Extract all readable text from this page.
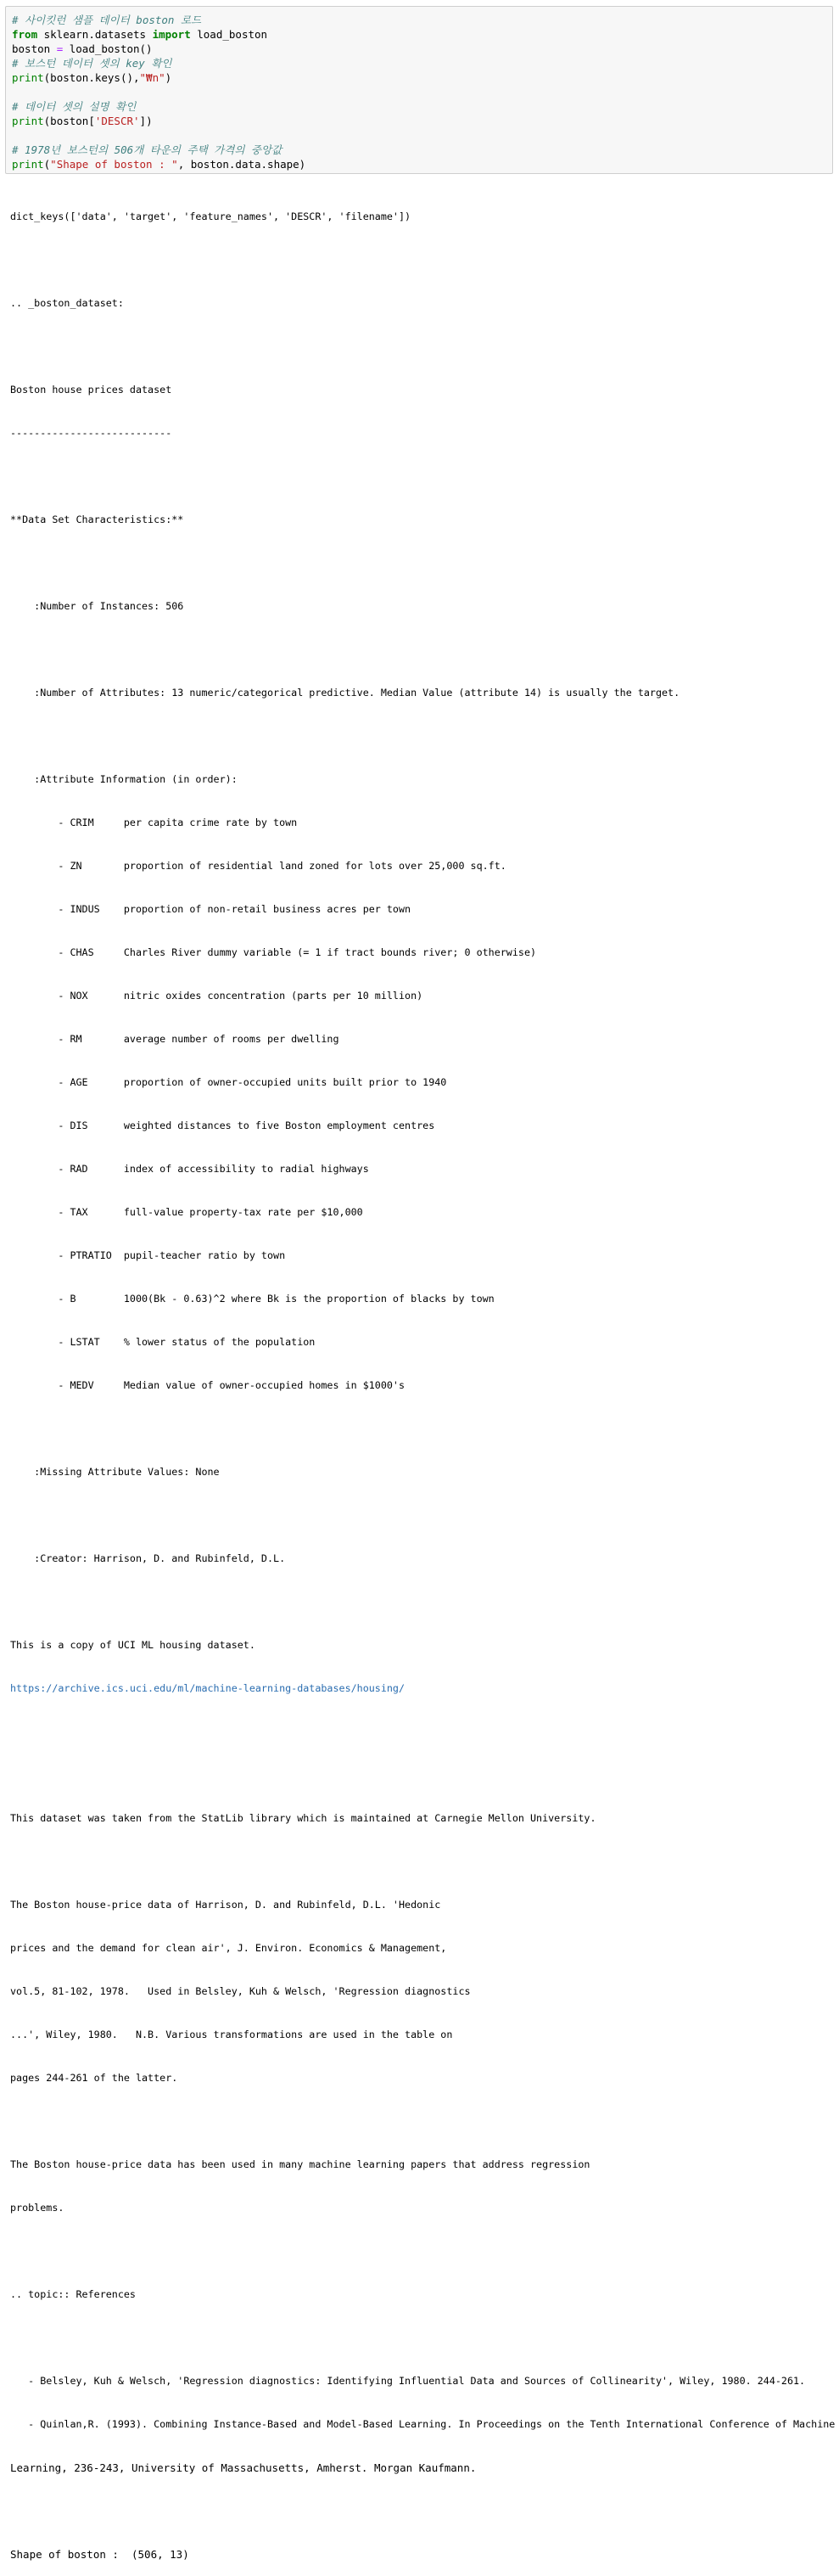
# 사이킷런 샘플 데이터 boston 로드
from sklearn.datasets import load_boston
boston = load_boston()
# 보스턴 데이터 셋의 key 확인
print(boston.keys(),"₩n")
# 데이터 셋의 설명 확인
print(boston['DESCR'])
# 1978년 보스턴의 506개 타운의 주택 가격의 중앙값
print("Shape of boston : ", boston.data.shape)

dict_keys(['data', 'target', 'feature_names', 'DESCR', 'filename'])

.. _boston_dataset:

Boston house prices dataset

---------------------------

**Data Set Characteristics:**

:Number of Instances: 506

:Number of Attributes: 13 numeric/categorical predictive. Median Value (attribute 14) is usually the target.

:Attribute Information (in order):

- CRIM     per capita crime rate by town

- ZN       proportion of residential land zoned for lots over 25,000 sq.ft.

- INDUS    proportion of non-retail business acres per town

- CHAS     Charles River dummy variable (= 1 if tract bounds river; 0 otherwise)

- NOX      nitric oxides concentration (parts per 10 million)

- RM       average number of rooms per dwelling

- AGE      proportion of owner-occupied units built prior to 1940

- DIS      weighted distances to five Boston employment centres

- RAD      index of accessibility to radial highways

- TAX      full-value property-tax rate per $10,000

- PTRATIO  pupil-teacher ratio by town

- B        1000(Bk - 0.63)^2 where Bk is the proportion of blacks by town

- LSTAT    % lower status of the population

- MEDV     Median value of owner-occupied homes in $1000's

:Missing Attribute Values: None

:Creator: Harrison, D. and Rubinfeld, D.L.

This is a copy of UCI ML housing dataset.

https://archive.ics.uci.edu/ml/machine-learning-databases/housing/

This dataset was taken from the StatLib library which is maintained at Carnegie Mellon University.

The Boston house-price data of Harrison, D. and Rubinfeld, D.L. 'Hedonic

prices and the demand for clean air', J. Environ. Economics & Management,

vol.5, 81-102, 1978.   Used in Belsley, Kuh & Welsch, 'Regression diagnostics

...', Wiley, 1980.   N.B. Various transformations are used in the table on

pages 244-261 of the latter.

The Boston house-price data has been used in many machine learning papers that address regression

problems.

.. topic:: References

- Belsley, Kuh & Welsch, 'Regression diagnostics: Identifying Influential Data and Sources of Collinearity', Wiley, 1980. 244-261.

- Quinlan,R. (1993). Combining Instance-Based and Model-Based Learning. In Proceedings on the Tenth International Conference of Machine

Learning, 236-243, University of Massachusetts, Amherst. Morgan Kaufmann.

Shape of boston :  (506, 13)
